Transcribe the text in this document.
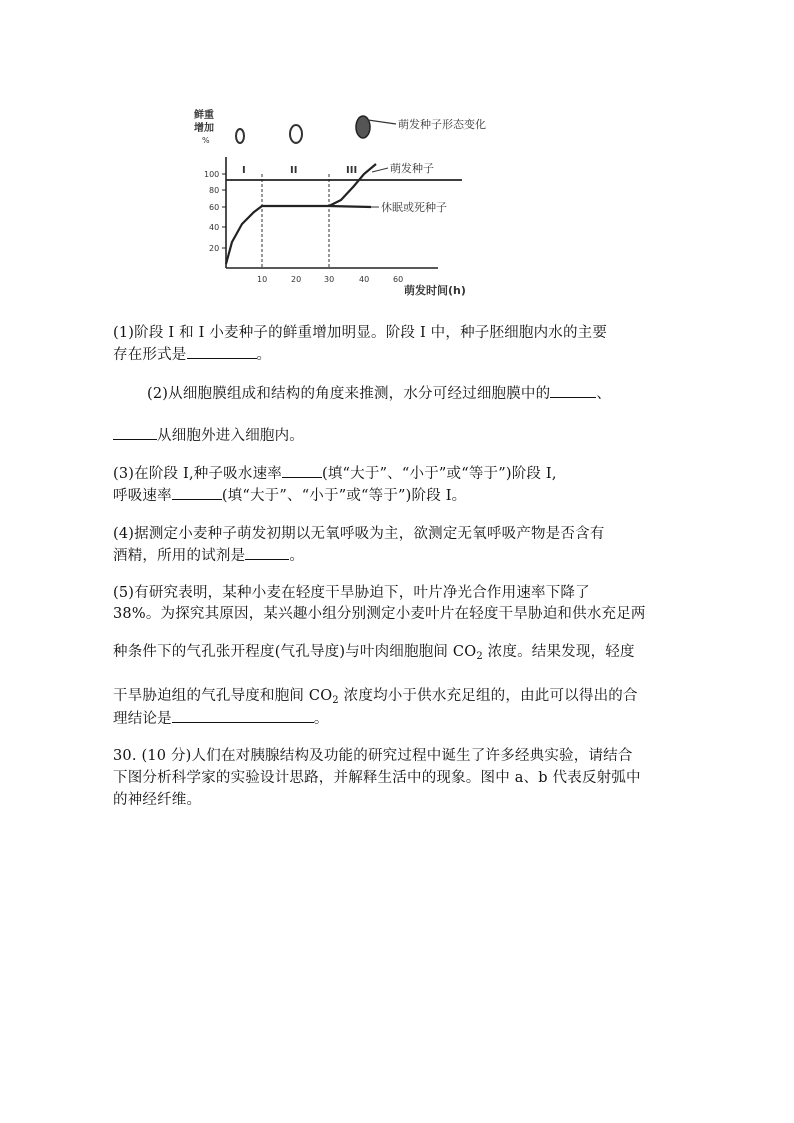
100
80
60
40
20
鲜重
增加
%
10	20	30	40	60
萌发时间(h)
I	II	III
萌发种子形态变化
萌发种子
休眠或死种子
(1)阶段 I 和 I 小麦种子的鲜重增加明显。阶段 I 中，种子胚细胞内水的主要
存在形式是	。
(2)从细胞膜组成和结构的角度来推测，水分可经过细胞膜中的	、
从细胞外进入细胞内。
(3)在阶段 I,种子吸水速率	(填“大于”、“小于”或“等于”)阶段 I,
呼吸速率	(填“大于”、“小于”或“等于”)阶段 I。
(4)据测定小麦种子萌发初期以无氧呼吸为主，欲测定无氧呼吸产物是否含有
酒精，所用的试剂是	。
(5)有研究表明，某种小麦在轻度干旱胁迫下，叶片净光合作用速率下降了
38%。为探究其原因，某兴趣小组分别测定小麦叶片在轻度干旱胁迫和供水充足两
种条件下的气孔张开程度(气孔导度)与叶肉细胞胞间 $CO_2$ 浓度。结果发现，轻度
干旱胁迫组的气孔导度和胞间 $CO_2$ 浓度均小于供水充足组的，由此可以得出的合
理结论是	。
30. (10 分)人们在对胰腺结构及功能的研究过程中诞生了许多经典实验，请结合
下图分析科学家的实验设计思路，并解释生活中的现象。图中 a、b 代表反射弧中
的神经纤维。
